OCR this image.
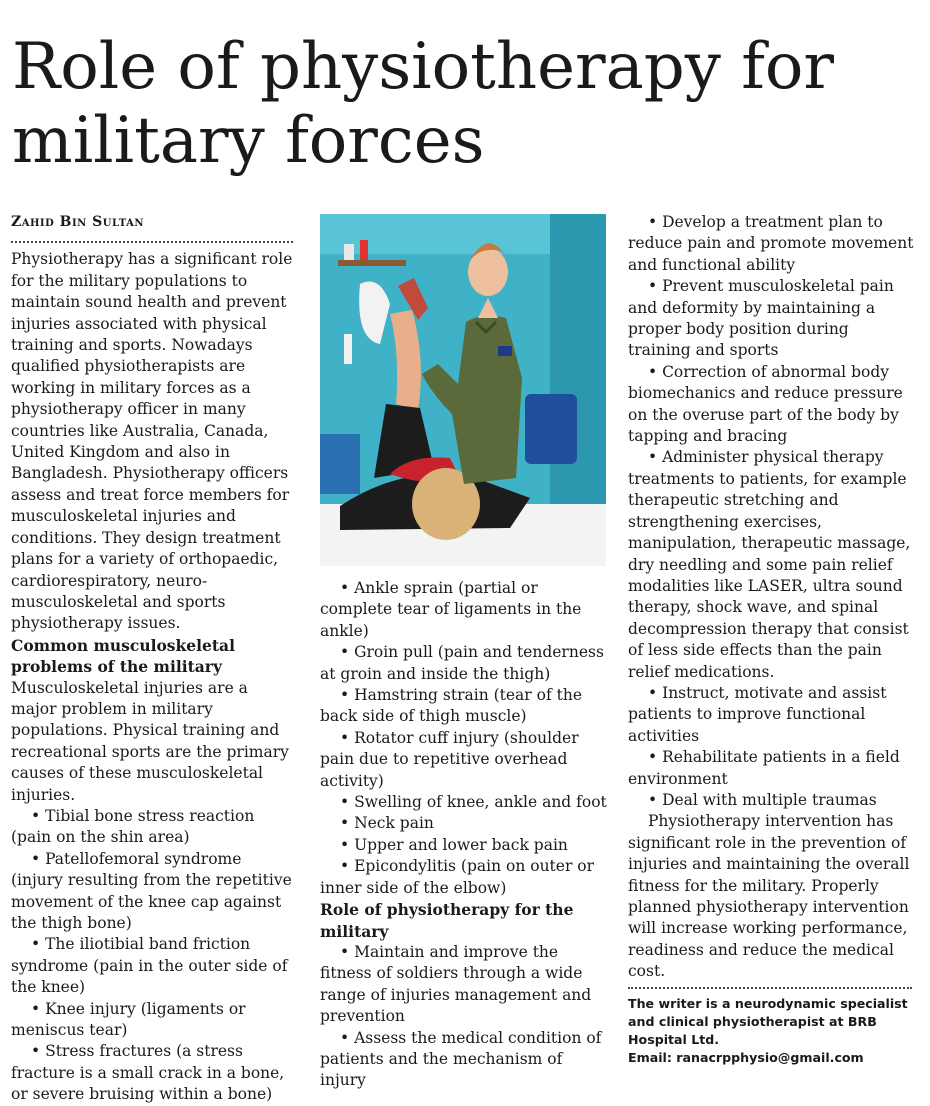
Role of physiotherapy for military forces

Zahid Bin Sultan

Physiotherapy has a significant role for the military populations to maintain sound health and prevent injuries associated with physical training and sports. Nowadays qualified physiotherapists are working in military forces as a physiotherapy officer in many countries like Australia, Canada, United Kingdom and also in Bangladesh. Physiotherapy officers assess and treat force members for musculoskeletal injuries and conditions. They design treatment plans for a variety of orthopaedic, cardiorespiratory, neuro-musculoskeletal and sports physiotherapy issues.

Common musculoskeletal problems of the military

Musculoskeletal injuries are a major problem in military populations. Physical training and recreational sports are the primary causes of these musculoskeletal injuries.

• Tibial bone stress reaction (pain on the shin area)

• Patellofemoral syndrome (injury resulting from the repetitive movement of the knee cap against the thigh bone)

• The iliotibial band friction syndrome (pain in the outer side of the knee)

• Knee injury (ligaments or meniscus tear)

• Stress fractures (a stress fracture is a small crack in a bone, or severe bruising within a bone)

• Ankle sprain (partial or complete tear of ligaments in the ankle)

• Groin pull (pain and tenderness at groin and inside the thigh)

• Hamstring strain (tear of the back side of thigh muscle)

• Rotator cuff injury (shoulder pain due to repetitive overhead activity)

• Swelling of knee, ankle and foot

• Neck pain

• Upper and lower back pain

• Epicondylitis (pain on outer or inner side of the elbow)

Role of physiotherapy for the military

• Maintain and improve the fitness of soldiers through a wide range of injuries management and prevention

• Assess the medical condition of patients and the mechanism of injury

• Develop a treatment plan to reduce pain and promote movement and functional ability

• Prevent musculoskeletal pain and deformity by maintaining a proper body position during training and sports

• Correction of abnormal body biomechanics and reduce pressure on the overuse part of the body by tapping and bracing

• Administer physical therapy treatments to patients, for example therapeutic stretching and strengthening exercises, manipulation, therapeutic massage, dry needling and some pain relief modalities like LASER, ultra sound therapy, shock wave, and spinal decompression therapy that consist of less side effects than the pain relief medications.

• Instruct, motivate and assist patients to improve functional activities

• Rehabilitate patients in a field environment

• Deal with multiple traumas

Physiotherapy intervention has significant role in the prevention of injuries and maintaining the overall fitness for the military. Properly planned physiotherapy intervention will increase working performance, readiness and reduce the medical cost.

The writer is a neurodynamic specialist and clinical physiotherapist at BRB Hospital Ltd.

Email: ranacrpphysio@gmail.com
